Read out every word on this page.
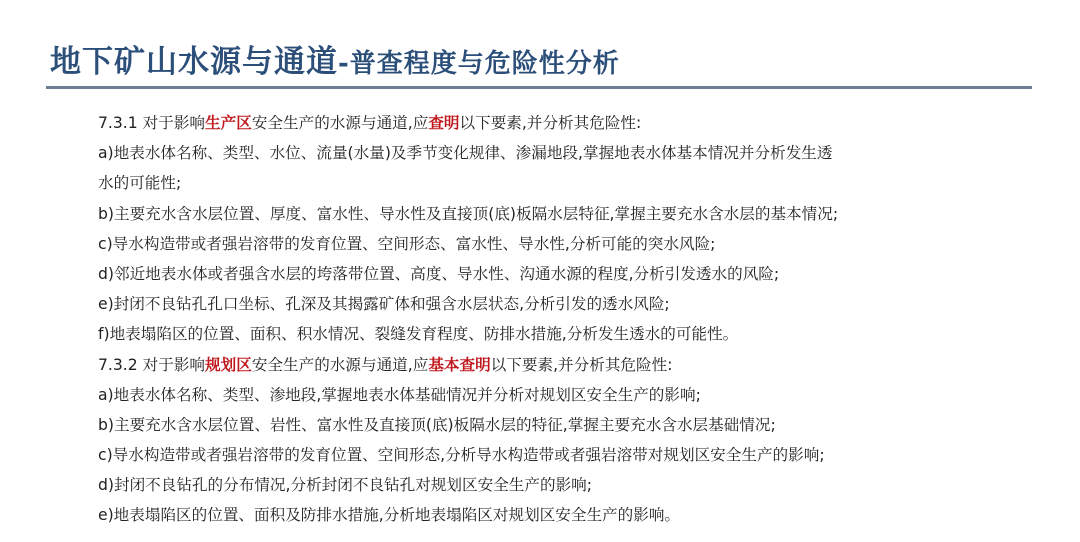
地下矿山水源与通道-普查程度与危险性分析
7.3.1 对于影响生产区安全生产的水源与通道,应查明以下要素,并分析其危险性:
a)地表水体名称、类型、水位、流量(水量)及季节变化规律、渗漏地段,掌握地表水体基本情况并分析发生透
水的可能性;
b)主要充水含水层位置、厚度、富水性、导水性及直接顶(底)板隔水层特征,掌握主要充水含水层的基本情况;
c)导水构造带或者强岩溶带的发育位置、空间形态、富水性、导水性,分析可能的突水风险;
d)邻近地表水体或者强含水层的垮落带位置、高度、导水性、沟通水源的程度,分析引发透水的风险;
e)封闭不良钻孔孔口坐标、孔深及其揭露矿体和强含水层状态,分析引发的透水风险;
f)地表塌陷区的位置、面积、积水情况、裂缝发育程度、防排水措施,分析发生透水的可能性。
7.3.2 对于影响规划区安全生产的水源与通道,应基本查明以下要素,并分析其危险性:
a)地表水体名称、类型、渗地段,掌握地表水体基础情况并分析对规划区安全生产的影响;
b)主要充水含水层位置、岩性、富水性及直接顶(底)板隔水层的特征,掌握主要充水含水层基础情况;
c)导水构造带或者强岩溶带的发育位置、空间形态,分析导水构造带或者强岩溶带对规划区安全生产的影响;
d)封闭不良钻孔的分布情况,分析封闭不良钻孔对规划区安全生产的影响;
e)地表塌陷区的位置、面积及防排水措施,分析地表塌陷区对规划区安全生产的影响。
